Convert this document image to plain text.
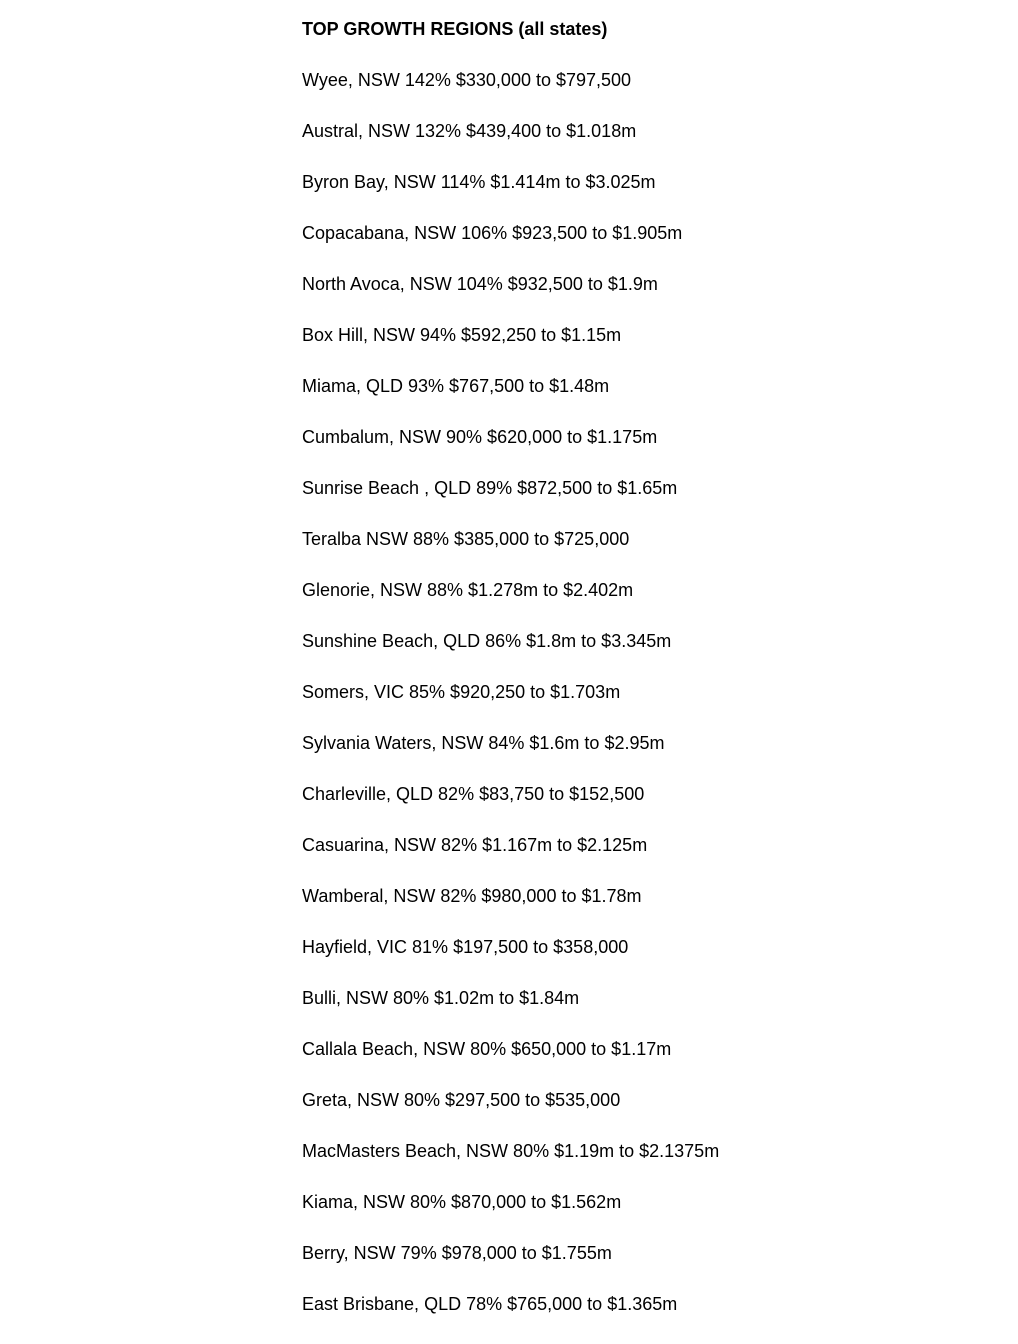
TOP GROWTH REGIONS (all states)
Wyee, NSW 142% $330,000 to $797,500
Austral, NSW 132% $439,400 to $1.018m
Byron Bay, NSW 114% $1.414m to $3.025m
Copacabana, NSW 106% $923,500 to $1.905m
North Avoca, NSW 104% $932,500 to $1.9m
Box Hill, NSW 94% $592,250 to $1.15m
Miama, QLD 93% $767,500 to $1.48m
Cumbalum, NSW 90% $620,000 to $1.175m
Sunrise Beach , QLD 89% $872,500 to $1.65m
Teralba NSW 88% $385,000 to $725,000
Glenorie, NSW 88% $1.278m to $2.402m
Sunshine Beach, QLD 86% $1.8m to $3.345m
Somers, VIC 85% $920,250 to $1.703m
Sylvania Waters, NSW 84% $1.6m to $2.95m
Charleville, QLD 82% $83,750 to $152,500
Casuarina, NSW 82% $1.167m to $2.125m
Wamberal, NSW 82% $980,000 to $1.78m
Hayfield, VIC 81% $197,500 to $358,000
Bulli, NSW 80% $1.02m to $1.84m
Callala Beach, NSW 80% $650,000 to $1.17m
Greta, NSW 80% $297,500 to $535,000
MacMasters Beach, NSW 80% $1.19m to $2.1375m
Kiama, NSW 80% $870,000 to $1.562m
Berry, NSW 79% $978,000 to $1.755m
East Brisbane, QLD 78% $765,000 to $1.365m
